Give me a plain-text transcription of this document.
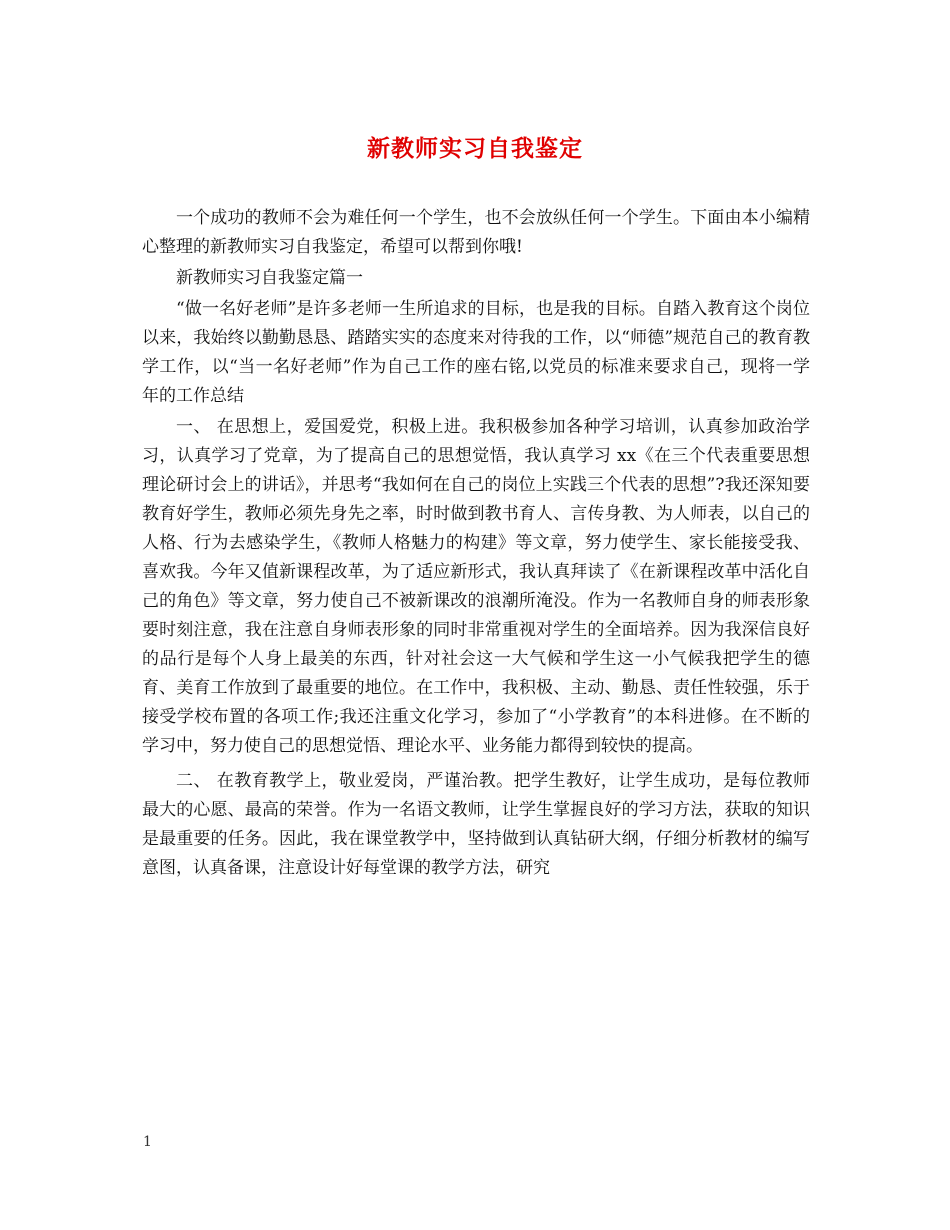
新教师实习自我鉴定

一个成功的教师不会为难任何一个学生，也不会放纵任何一个学生。下面由本小编精心整理的新教师实习自我鉴定，希望可以帮到你哦!

新教师实习自我鉴定篇一

“做一名好老师”是许多老师一生所追求的目标，也是我的目标。自踏入教育这个岗位以来，我始终以勤勤恳恳、踏踏实实的态度来对待我的工作，以“师德”规范自己的教育教学工作，以“当一名好老师”作为自己工作的座右铭,以党员的标准来要求自己，现将一学年的工作总结

一、 在思想上，爱国爱党，积极上进。我积极参加各种学习培训，认真参加政治学习，认真学习了党章，为了提高自己的思想觉悟，我认真学习 xx《在三个代表重要思想理论研讨会上的讲话》，并思考“我如何在自己的岗位上实践三个代表的思想”?我还深知要教育好学生，教师必须先身先之率，时时做到教书育人、言传身教、为人师表，以自己的人格、行为去感染学生，《教师人格魅力的构建》等文章，努力使学生、家长能接受我、喜欢我。今年又值新课程改革，为了适应新形式，我认真拜读了《在新课程改革中活化自己的角色》等文章，努力使自己不被新课改的浪潮所淹没。作为一名教师自身的师表形象要时刻注意，我在注意自身师表形象的同时非常重视对学生的全面培养。因为我深信良好的品行是每个人身上最美的东西，针对社会这一大气候和学生这一小气候我把学生的德育、美育工作放到了最重要的地位。在工作中，我积极、主动、勤恳、责任性较强，乐于接受学校布置的各项工作;我还注重文化学习，参加了“小学教育”的本科进修。在不断的学习中，努力使自己的思想觉悟、理论水平、业务能力都得到较快的提高。

二、 在教育教学上，敬业爱岗，严谨治教。把学生教好，让学生成功，是每位教师最大的心愿、最高的荣誉。作为一名语文教师，让学生掌握良好的学习方法，获取的知识是最重要的任务。因此，我在课堂教学中，坚持做到认真钻研大纲，仔细分析教材的编写意图，认真备课，注意设计好每堂课的教学方法，研究

1
